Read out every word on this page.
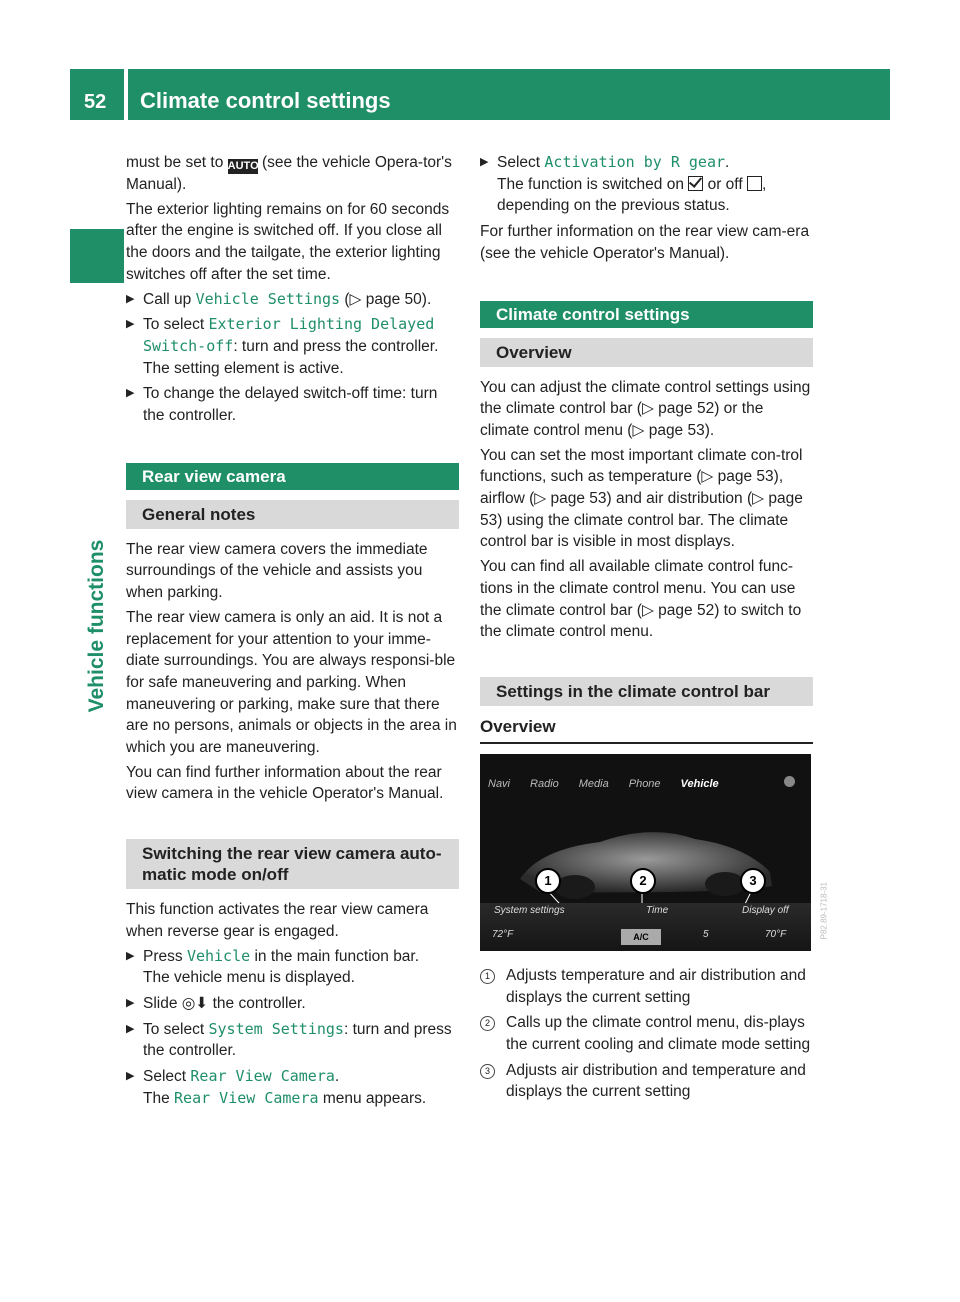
52 Climate control settings
Vehicle functions

must be set to AUTO (see the vehicle Opera-tor's Manual).

The exterior lighting remains on for 60 seconds after the engine is switched off. If you close all the doors and the tailgate, the exterior lighting switches off after the set time.

▶ Call up Vehicle Settings (▷ page 50).
▶ To select Exterior Lighting Delayed Switch-off: turn and press the controller.
The setting element is active.
▶ To change the delayed switch-off time: turn the controller.
Rear view camera
General notes

The rear view camera covers the immediate surroundings of the vehicle and assists you when parking.

The rear view camera is only an aid. It is not a replacement for your attention to your imme-diate surroundings. You are always responsi-ble for safe maneuvering and parking. When maneuvering or parking, make sure that there are no persons, animals or objects in the area in which you are maneuvering.

You can find further information about the rear view camera in the vehicle Operator's Manual.

Switching the rear view camera auto-matic mode on/off

This function activates the rear view camera when reverse gear is engaged.

▶ Press Vehicle in the main function bar.
The vehicle menu is displayed.
▶ Slide ◎⬇ the controller.
▶ To select System Settings: turn and press the controller.
▶ Select Rear View Camera.
The Rear View Camera menu appears.
▶ Select Activation by R gear.
The function is switched on or off ,
depending on the previous status.

For further information on the rear view cam-era (see the vehicle Operator's Manual).

Climate control settings
Overview

You can adjust the climate control settings using the climate control bar (▷ page 52) or the climate control menu (▷ page 53).

You can set the most important climate con-trol functions, such as temperature (▷ page 53), airflow (▷ page 53) and air distribution (▷ page 53) using the climate control bar. The climate control bar is visible in most displays.

You can find all available climate control func-tions in the climate control menu. You can use the climate control bar (▷ page 52) to switch to the climate control menu.

Settings in the climate control bar
Overview
Navi Radio Media Phone Vehicle
System settings	Time	Display off
72°F	5	70°F
A/C
1	2	3
P82.89-1718-31
1	Adjusts temperature and air distribution and displays the current setting
2	Calls up the climate control menu, dis-plays the current cooling and climate mode setting
3	Adjusts air distribution and temperature and displays the current setting
